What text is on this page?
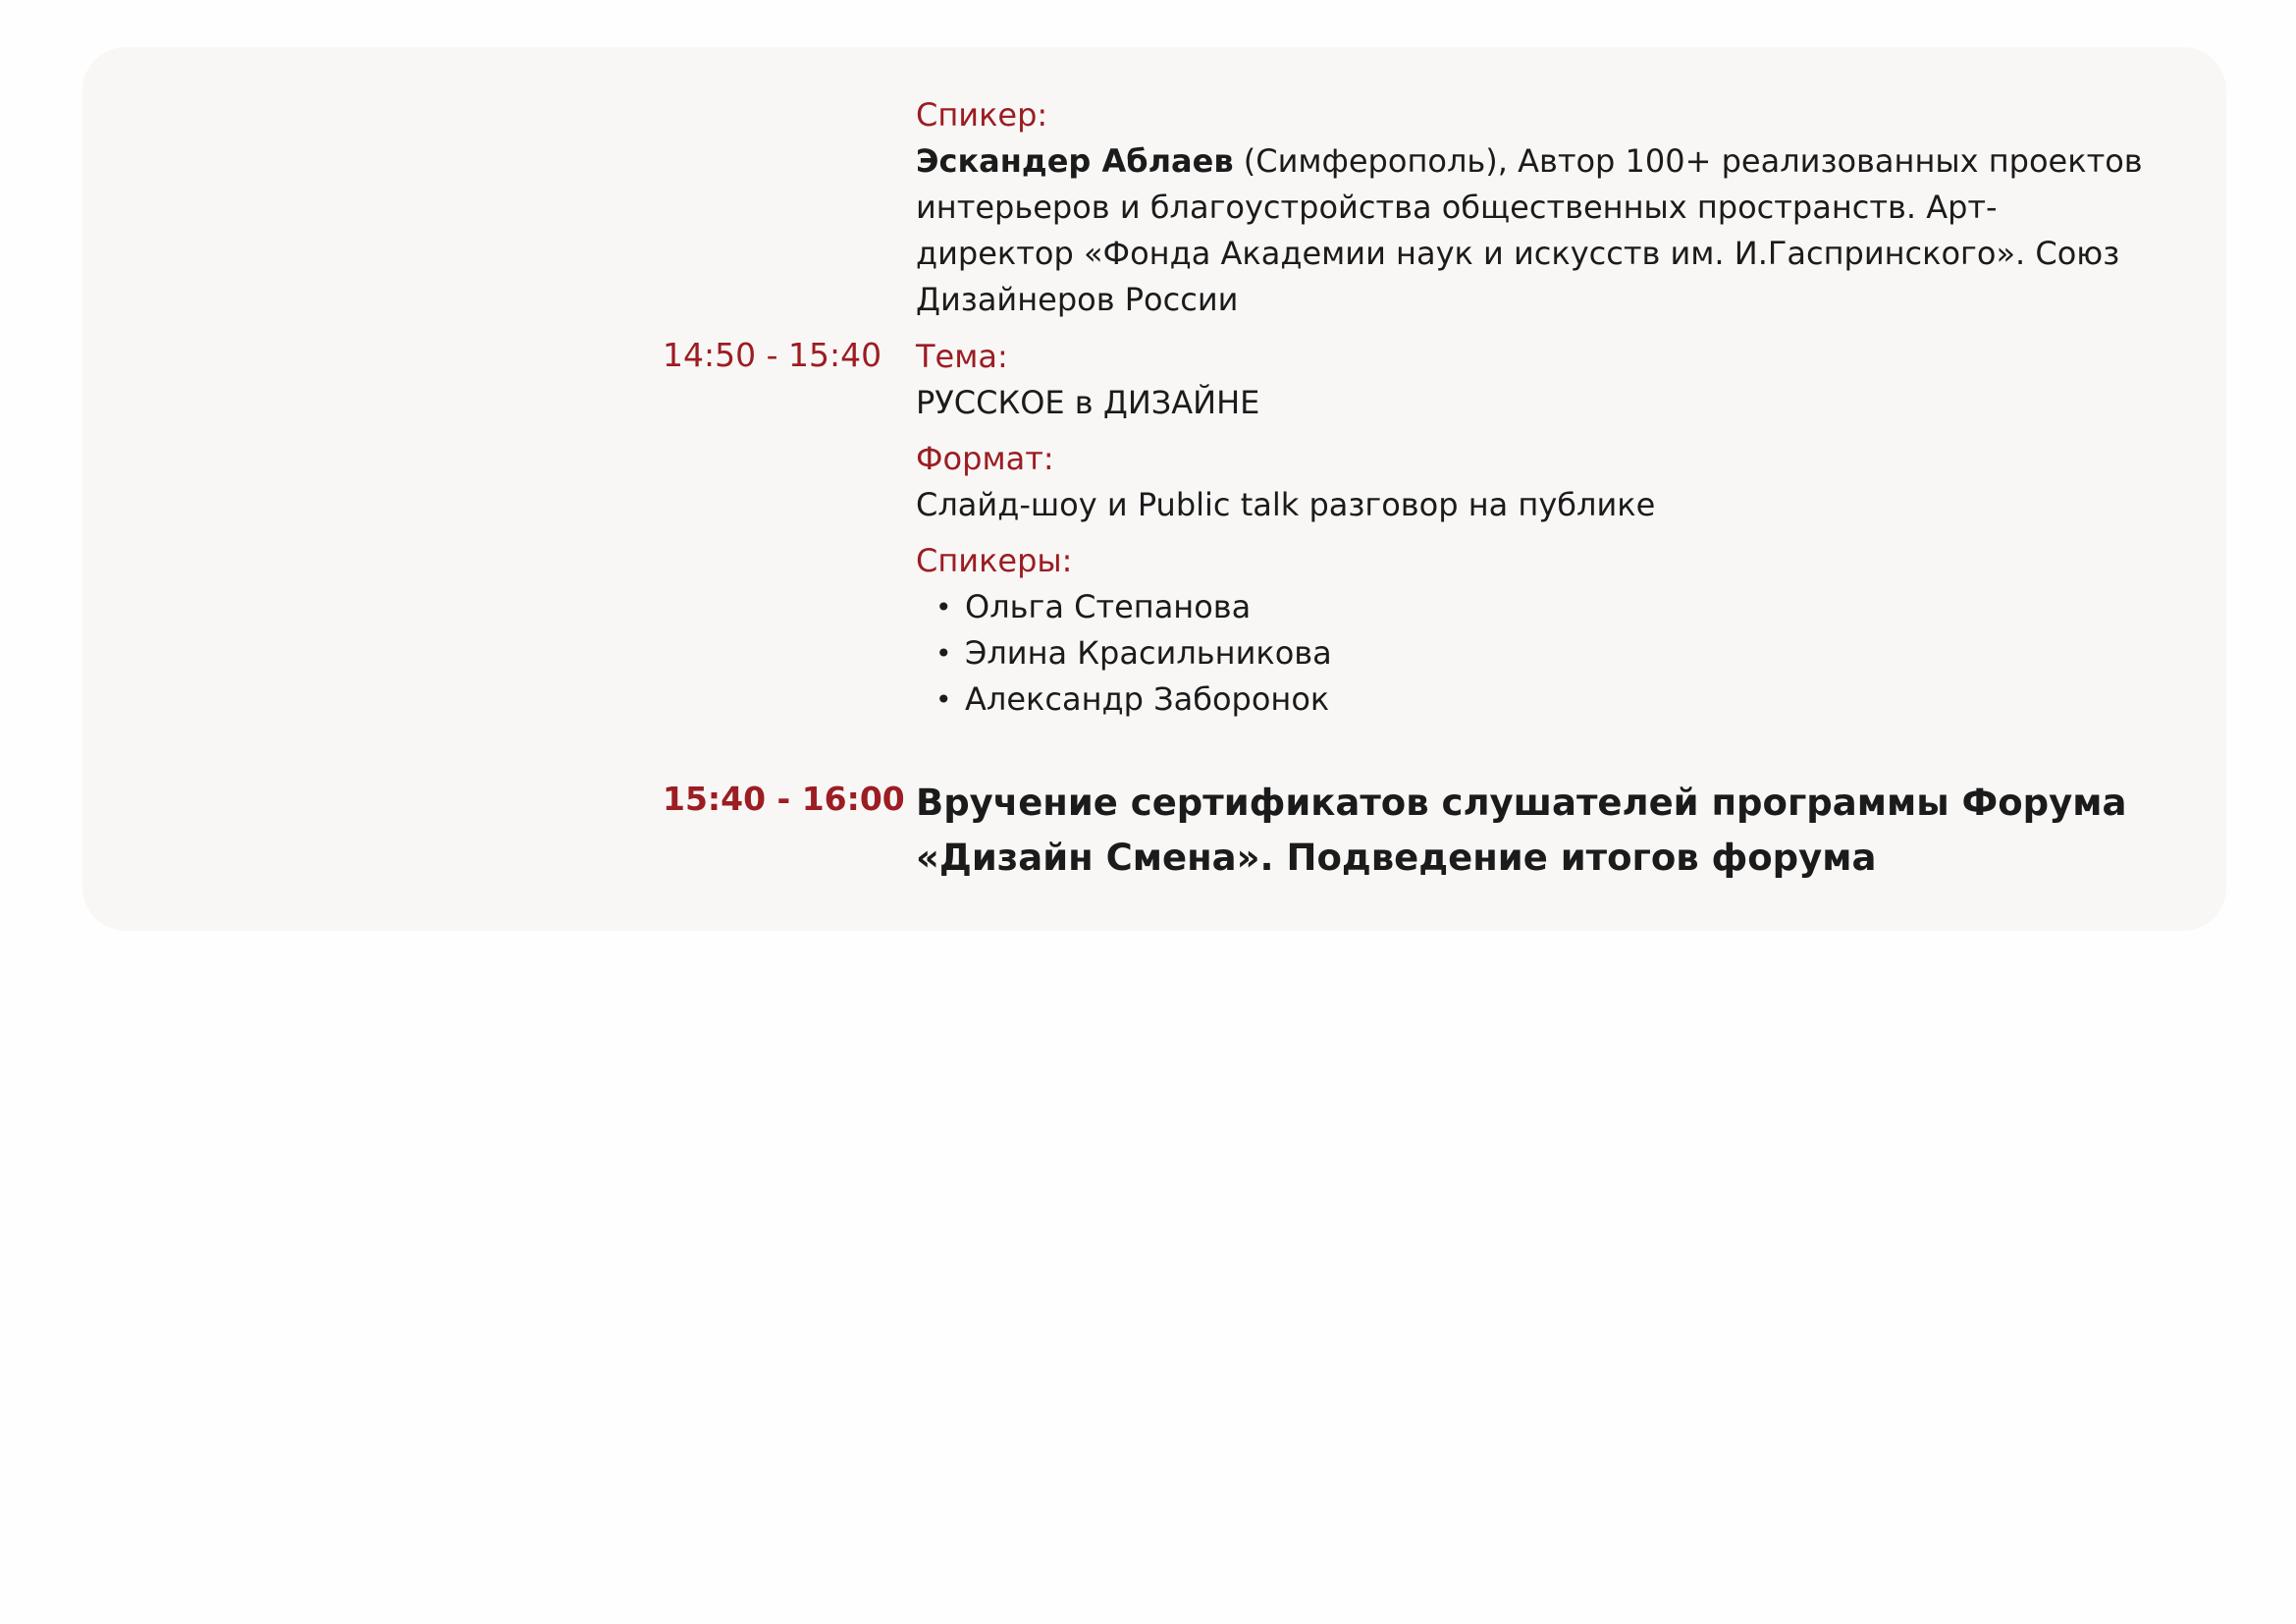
Спикер:

Эскандер Аблаев (Симферополь), Автор 100+ реализованных проектов интерьеров и благоустройства общественных пространств. Арт-директор «Фонда Академии наук и искусств им. И.Гаспринского». Союз Дизайнеров России

14:50 - 15:40 Тема:

РУССКОЕ в ДИЗАЙНЕ

Формат:

Слайд-шоу и Public talk разговор на публике

Спикеры:

• Ольга Степанова
• Элина Красильникова
• Александр Заборонок
15:40 - 16:00 Вручение сертификатов слушателей программы Форума «Дизайн Смена». Подведение итогов форума
